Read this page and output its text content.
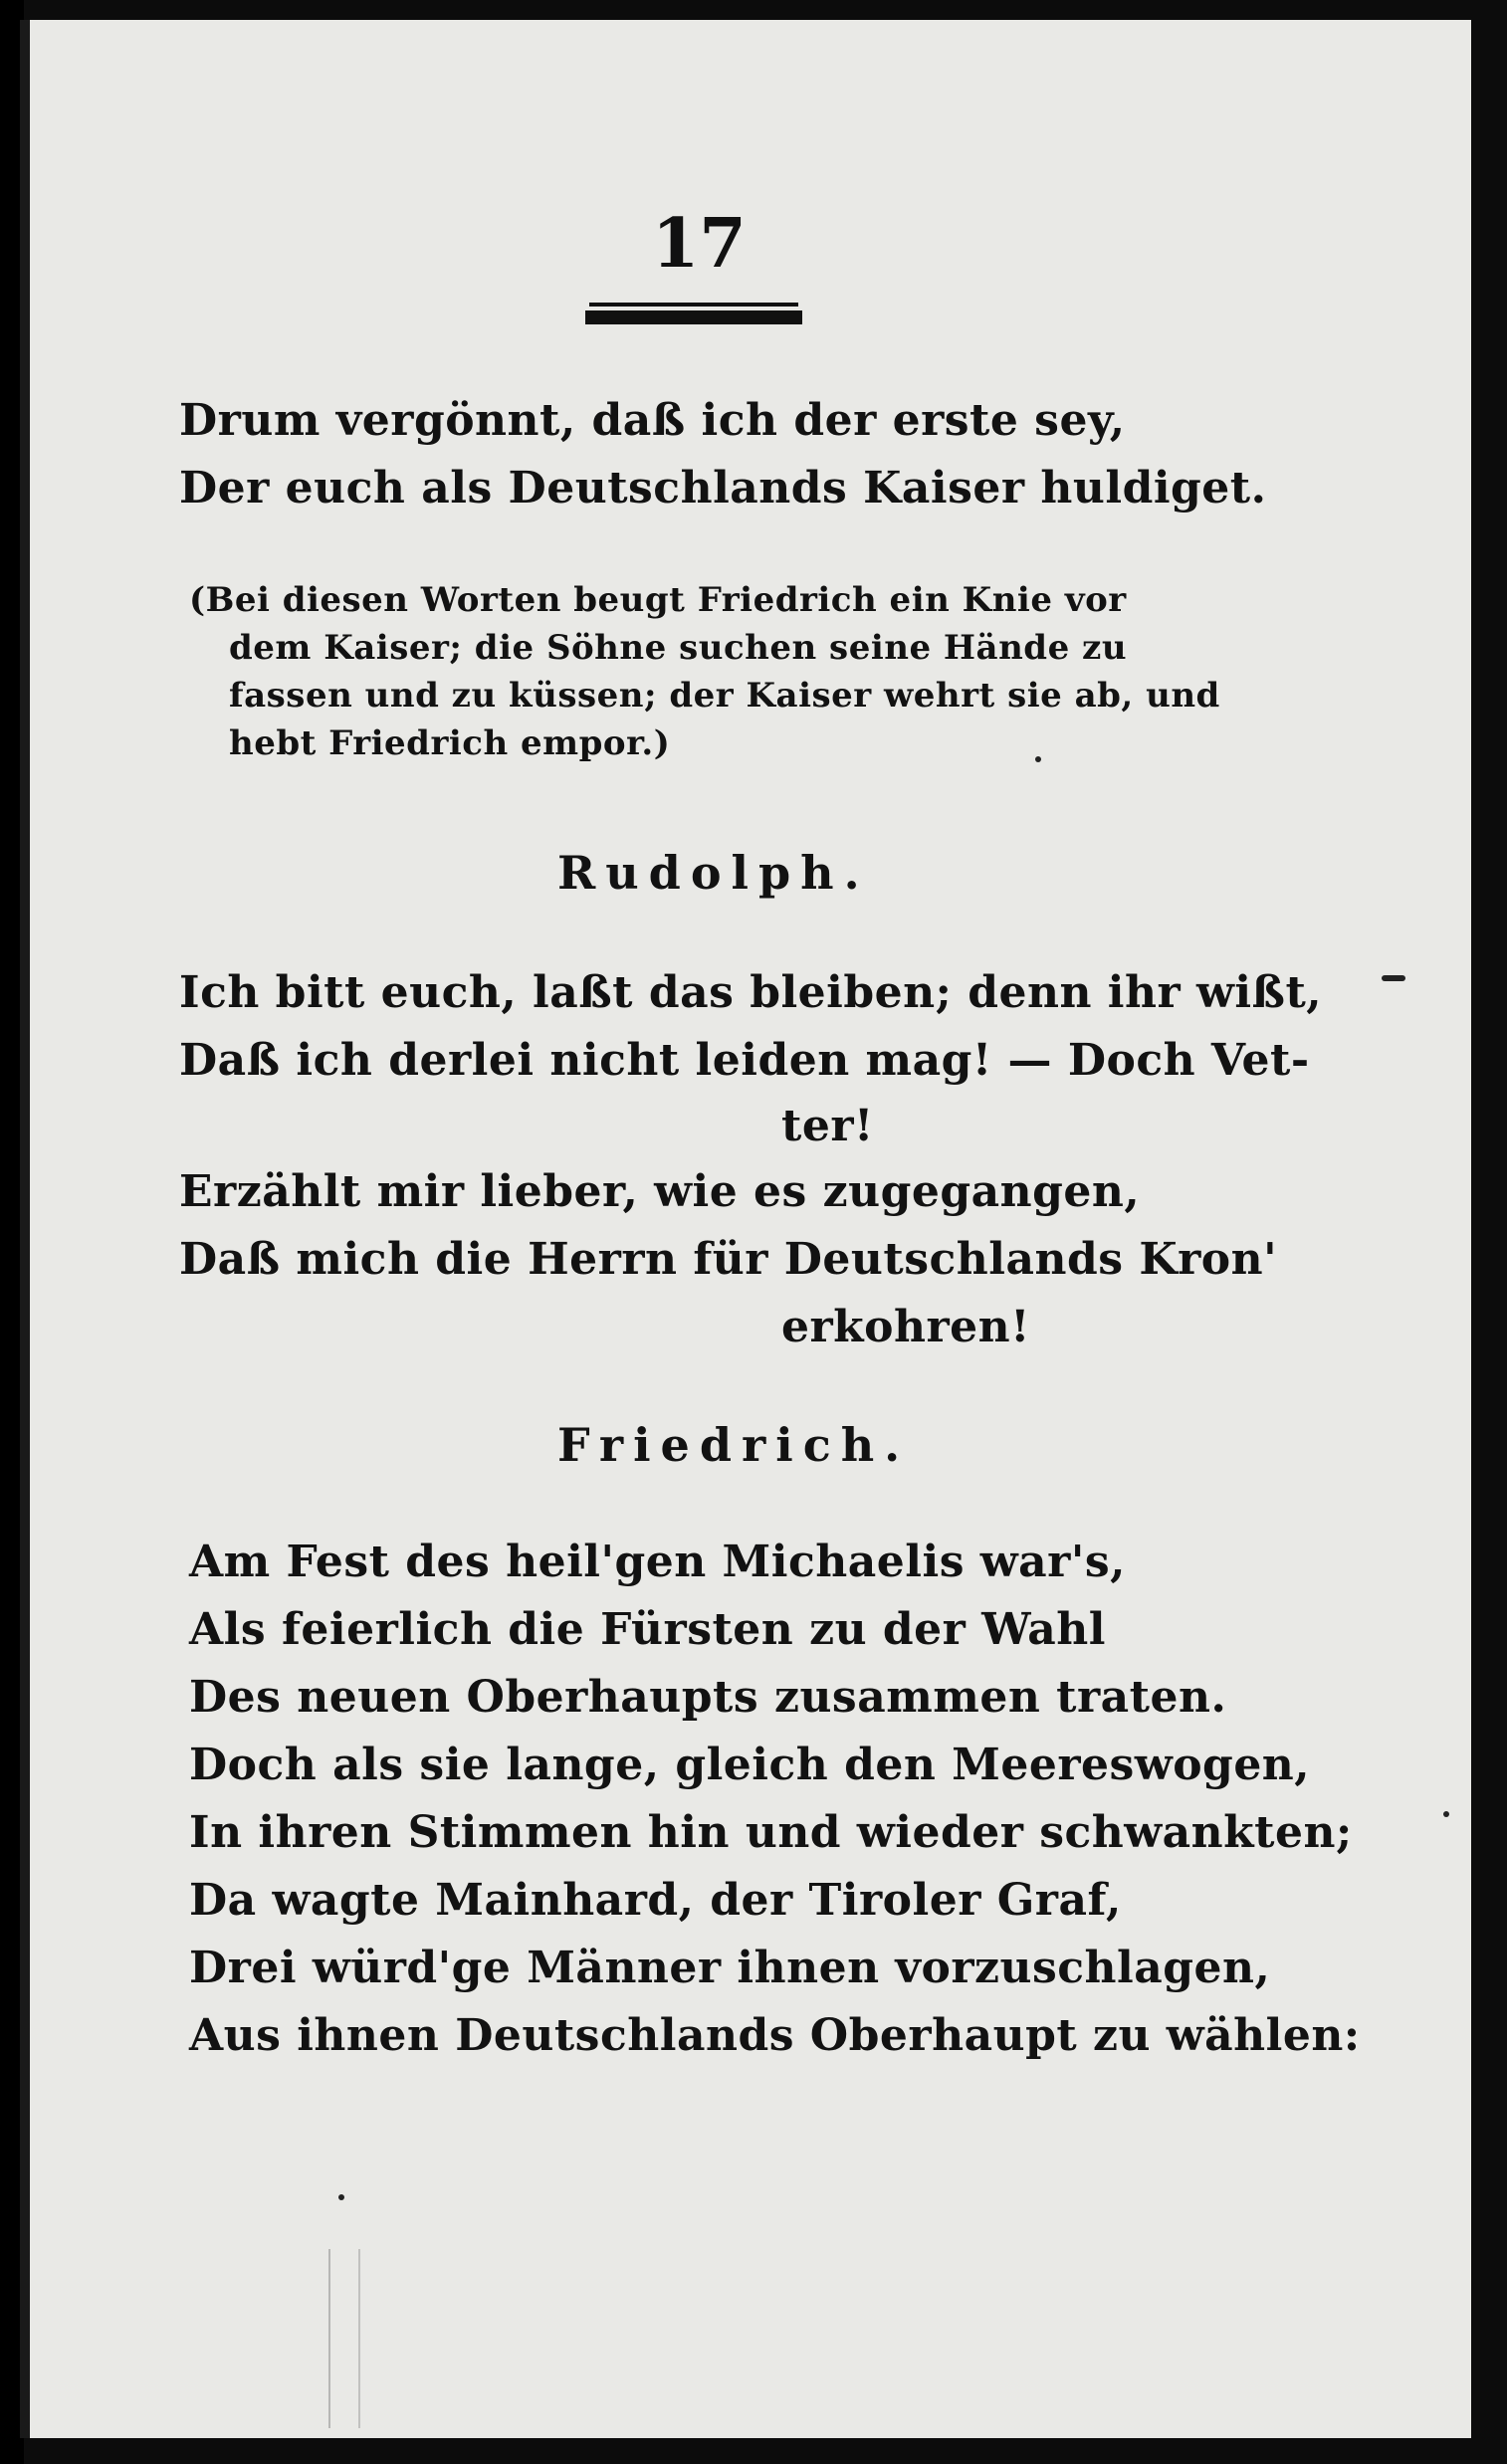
17
Drum vergönnt, daß ich der erste sey,
Der euch als Deutschlands Kaiser huldiget.
(Bei diesen Worten beugt Friedrich ein Knie vor
dem Kaiser; die Söhne suchen seine Hände zu
fassen und zu küssen; der Kaiser wehrt sie ab, und
hebt Friedrich empor.)
Rudolph.
Ich bitt euch, laßt das bleiben; denn ihr wißt,
Daß ich derlei nicht leiden mag! — Doch Vet-
ter!
Erzählt mir lieber, wie es zugegangen,
Daß mich die Herrn für Deutschlands Kron'
erkohren!
Friedrich.
Am Fest des heil'gen Michaelis war's,
Als feierlich die Fürsten zu der Wahl
Des neuen Oberhaupts zusammen traten.
Doch als sie lange, gleich den Meereswogen,
In ihren Stimmen hin und wieder schwankten;
Da wagte Mainhard, der Tiroler Graf,
Drei würd'ge Männer ihnen vorzuschlagen,
Aus ihnen Deutschlands Oberhaupt zu wählen:
